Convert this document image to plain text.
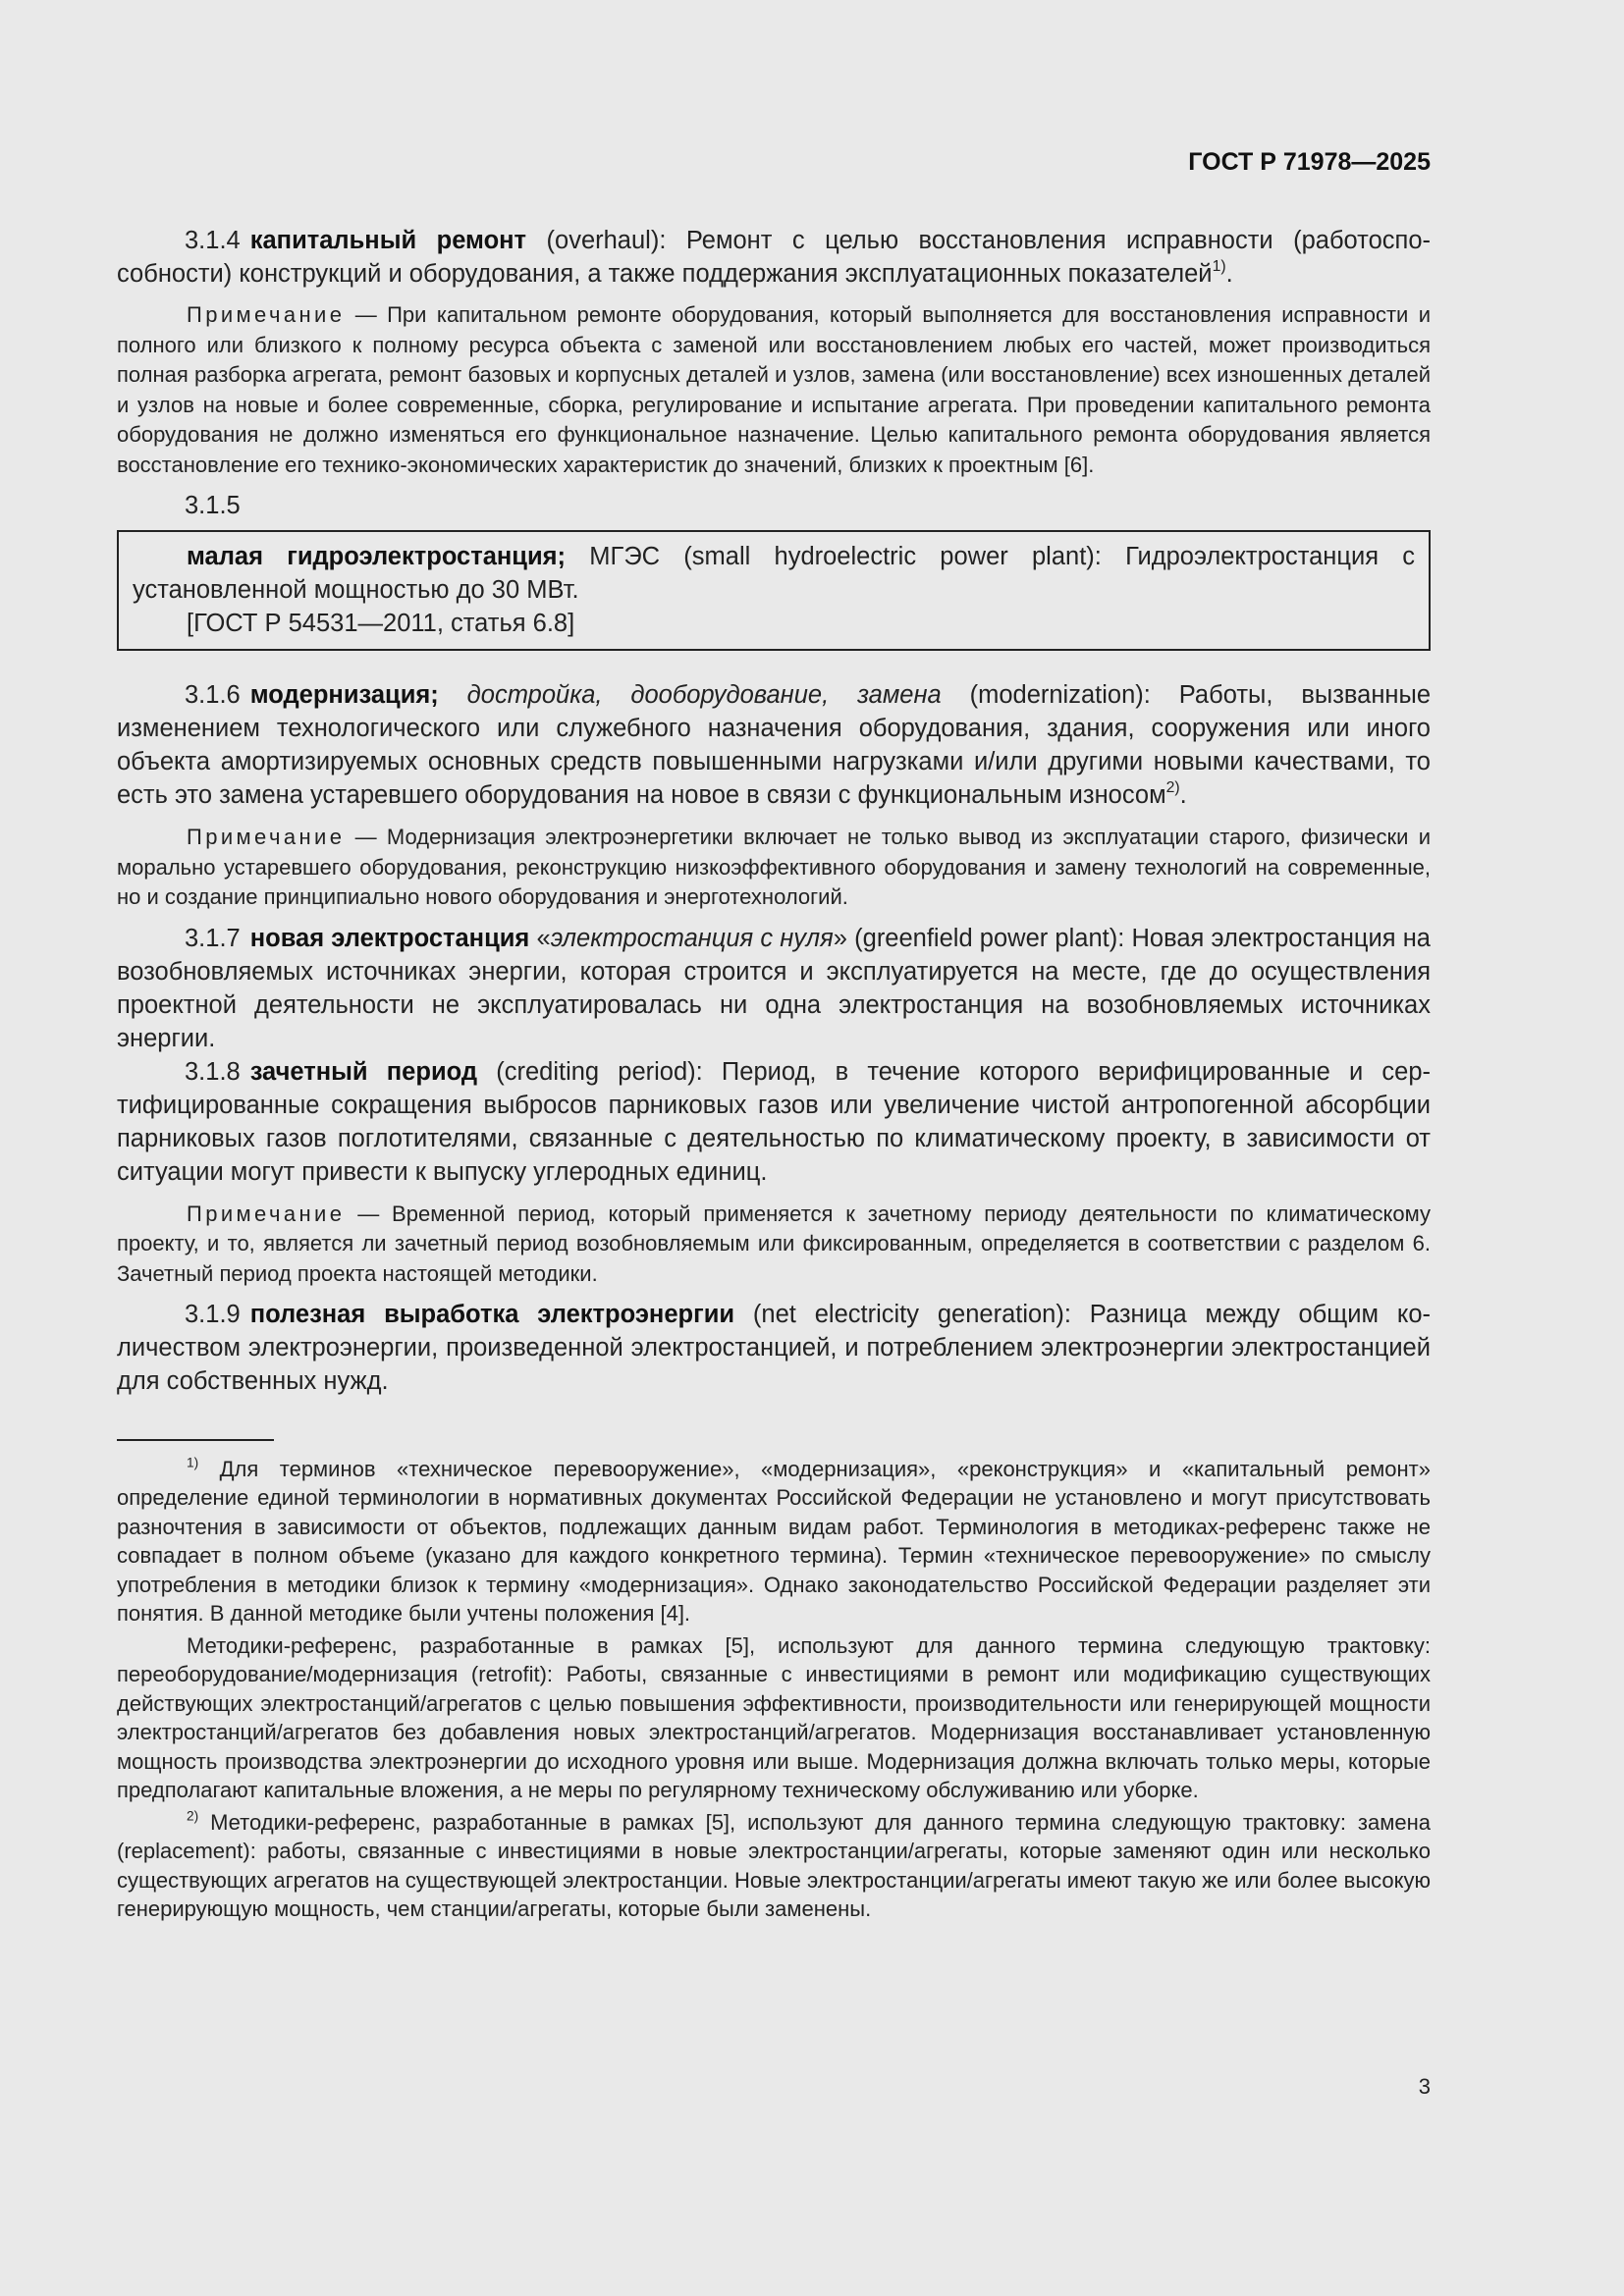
ГОСТ Р 71978—2025

3.1.4 капитальный ремонт (overhaul): Ремонт с целью восстановления исправности (работоспособности) конструкций и оборудования, а также поддержания эксплуатационных показателей$^{1)}$.

Примечание — При капитальном ремонте оборудования, который выполняется для восстановления исправности и полного или близкого к полному ресурса объекта с заменой или восстановлением любых его частей, может производиться полная разборка агрегата, ремонт базовых и корпусных деталей и узлов, замена (или восстановление) всех изношенных деталей и узлов на новые и более современные, сборка, регулирование и испытание агрегата. При проведении капитального ремонта оборудования не должно изменяться его функциональное назначение. Целью капитального ремонта оборудования является восстановление его технико-экономических характеристик до значений, близких к проектным [6].

3.1.5

малая гидроэлектростанция; МГЭС (small hydroelectric power plant): Гидроэлектростанция с установленной мощностью до 30 МВт.

[ГОСТ Р 54531—2011, статья 6.8]

3.1.6 модернизация; достройка, дооборудование, замена (modernization): Работы, вызванные изменением технологического или служебного назначения оборудования, здания, сооружения или иного объекта амортизируемых основных средств повышенными нагрузками и/или другими новыми качествами, то есть это замена устаревшего оборудования на новое в связи с функциональным износом$^{2)}$.

Примечание — Модернизация электроэнергетики включает не только вывод из эксплуатации старого, физически и морально устаревшего оборудования, реконструкцию низкоэффективного оборудования и замену технологий на современные, но и создание принципиально нового оборудования и энерготехнологий.

3.1.7 новая электростанция «электростанция с нуля» (greenfield power plant): Новая электростанция на возобновляемых источниках энергии, которая строится и эксплуатируется на месте, где до осуществления проектной деятельности не эксплуатировалась ни одна электростанция на возобновляемых источниках энергии.

3.1.8 зачетный период (crediting period): Период, в течение которого верифицированные и сертифицированные сокращения выбросов парниковых газов или увеличение чистой антропогенной абсорбции парниковых газов поглотителями, связанные с деятельностью по климатическому проекту, в зависимости от ситуации могут привести к выпуску углеродных единиц.

Примечание — Временной период, который применяется к зачетному периоду деятельности по климатическому проекту, и то, является ли зачетный период возобновляемым или фиксированным, определяется в соответствии с разделом 6. Зачетный период проекта настоящей методики.

3.1.9 полезная выработка электроэнергии (net electricity generation): Разница между общим количеством электроэнергии, произведенной электростанцией, и потреблением электроэнергии электростанцией для собственных нужд.

$^{1)}$ Для терминов «техническое перевооружение», «модернизация», «реконструкция» и «капитальный ремонт» определение единой терминологии в нормативных документах Российской Федерации не установлено и могут присутствовать разночтения в зависимости от объектов, подлежащих данным видам работ. Терминология в методиках-референс также не совпадает в полном объеме (указано для каждого конкретного термина). Термин «техническое перевооружение» по смыслу употребления в методики близок к термину «модернизация». Однако законодательство Российской Федерации разделяет эти понятия. В данной методике были учтены положения [4].

Методики-референс, разработанные в рамках [5], используют для данного термина следующую трактовку: переоборудование/модернизация (retrofit): Работы, связанные с инвестициями в ремонт или модификацию существующих действующих электростанций/агрегатов с целью повышения эффективности, производительности или генерирующей мощности электростанций/агрегатов без добавления новых электростанций/агрегатов. Модернизация восстанавливает установленную мощность производства электроэнергии до исходного уровня или выше. Модернизация должна включать только меры, которые предполагают капитальные вложения, а не меры по регулярному техническому обслуживанию или уборке.

$^{2)}$ Методики-референс, разработанные в рамках [5], используют для данного термина следующую трактовку: замена (replacement): работы, связанные с инвестициями в новые электростанции/агрегаты, которые заменяют один или несколько существующих агрегатов на существующей электростанции. Новые электростанции/агрегаты имеют такую же или более высокую генерирующую мощность, чем станции/агрегаты, которые были заменены.

3
